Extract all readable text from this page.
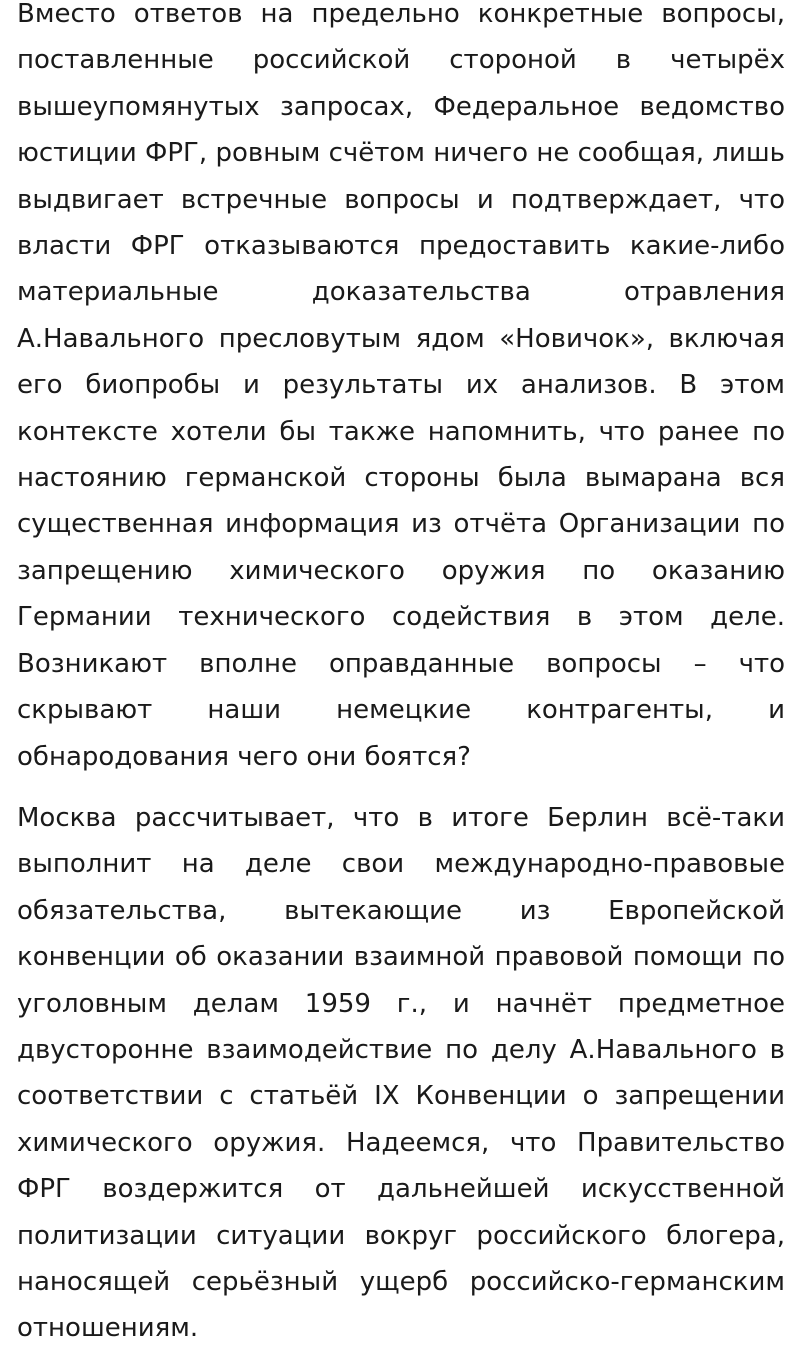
Вместо ответов на предельно конкретные вопросы, поставленные российской стороной в четырёх вышеупомянутых запросах, Федеральное ведомство юстиции ФРГ, ровным счётом ничего не сообщая, лишь выдвигает встречные вопросы и подтверждает, что власти ФРГ отказываются предоставить какие-либо материальные доказательства отравления А.Навального пресловутым ядом «Новичок», включая его биопробы и результаты их анализов. В этом контексте хотели бы также напомнить, что ранее по настоянию германской стороны была вымарана вся существенная информация из отчёта Организации по запрещению химического оружия по оказанию Германии технического содействия в этом деле. Возникают вполне оправданные вопросы – что скрывают наши немецкие контрагенты, и обнародования чего они боятся?

Москва рассчитывает, что в итоге Берлин всё-таки выполнит на деле свои международно-правовые обязательства, вытекающие из Европейской конвенции об оказании взаимной правовой помощи по уголовным делам 1959 г., и начнёт предметное двусторонне взаимодействие по делу А.Навального в соответствии с статьёй IX Конвенции о запрещении химического оружия. Надеемся, что Правительство ФРГ воздержится от дальнейшей искусственной политизации ситуации вокруг российского блогера, наносящей серьёзный ущерб российско-германским отношениям.
